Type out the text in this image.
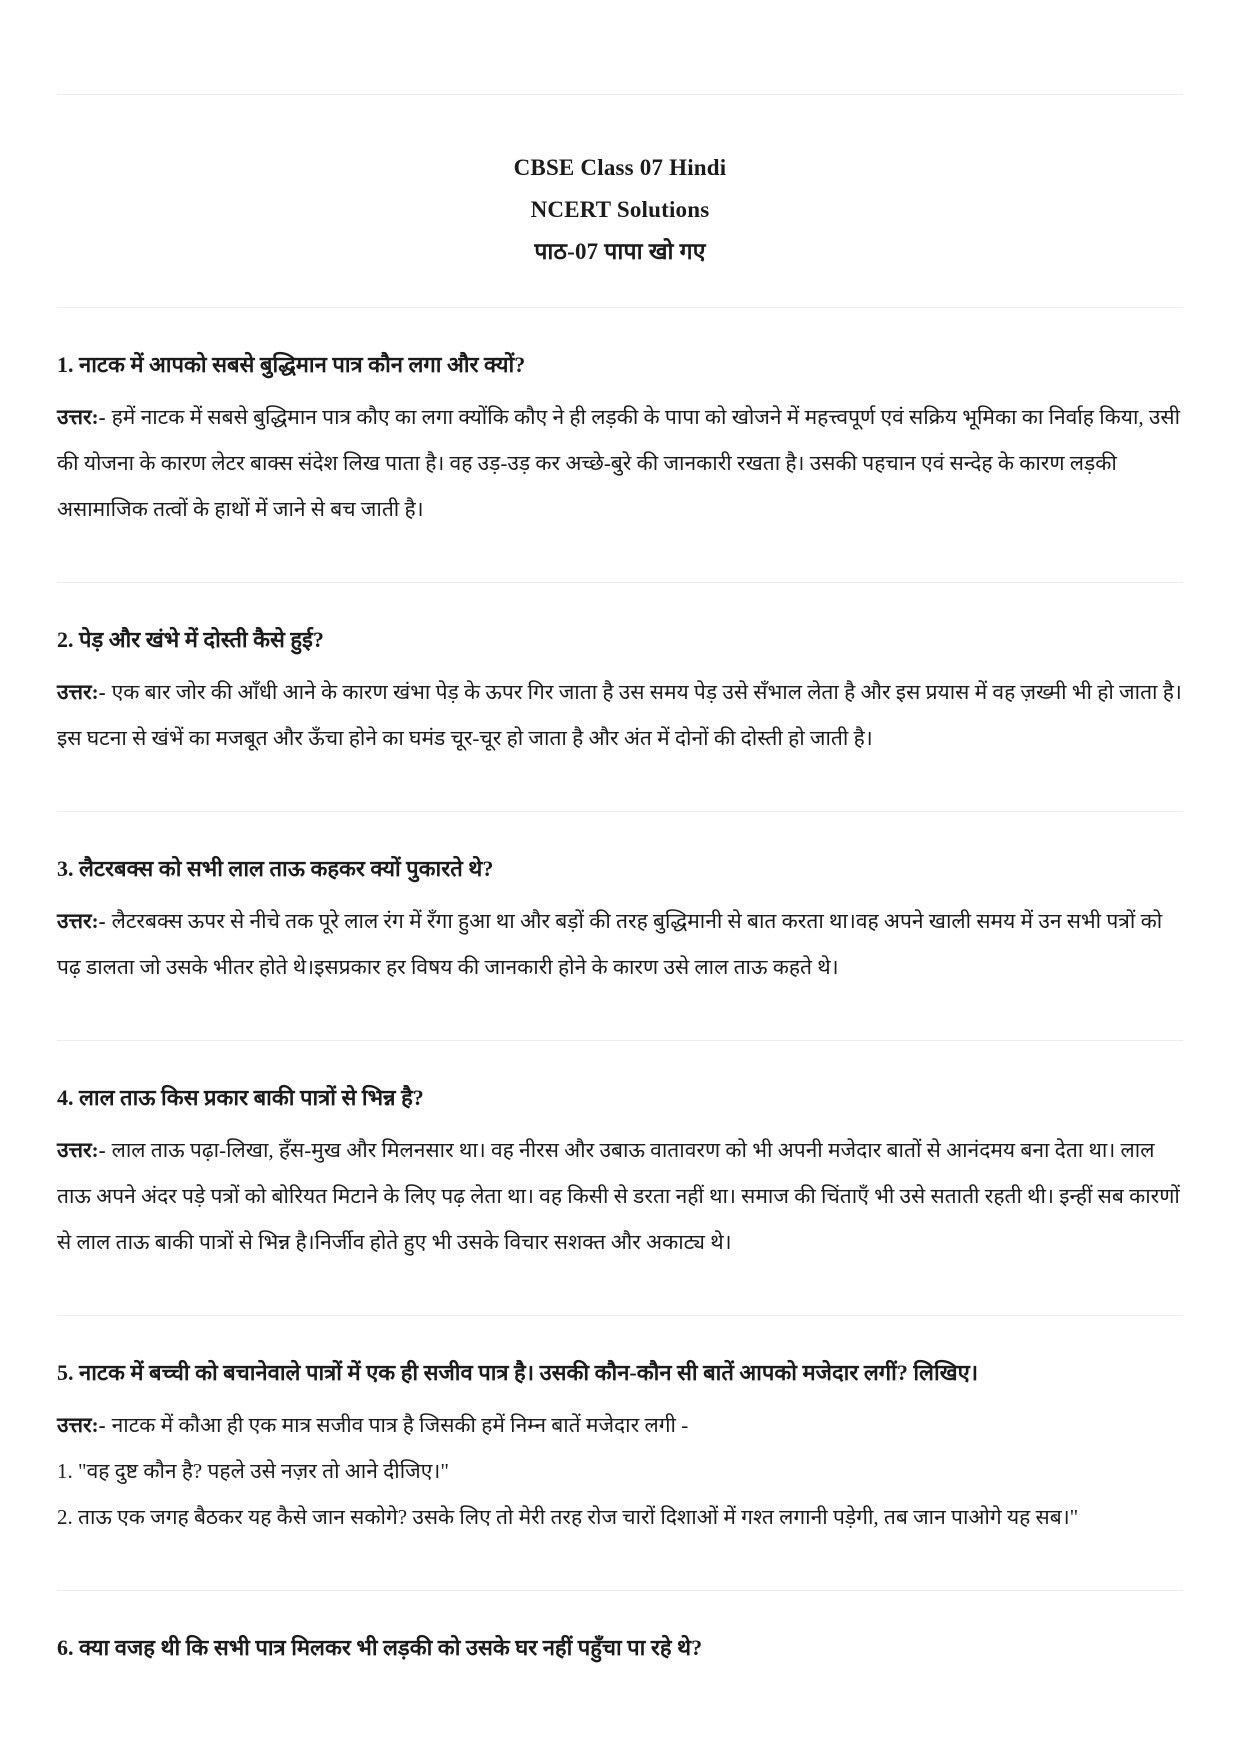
CBSE Class 07 Hindi
NCERT Solutions
पाठ-07 पापा खो गए
1. नाटक में आपको सबसे बुद्धिमान पात्र कौन लगा और क्यों?

उत्तर:- हमें नाटक में सबसे बुद्धिमान पात्र कौए का लगा क्योंकि कौए ने ही लड़की के पापा को खोजने में महत्त्वपूर्ण एवं सक्रिय भूमिका का निर्वाह किया, उसी की योजना के कारण लेटर बाक्स संदेश लिख पाता है। वह उड़-उड़ कर अच्छे-बुरे की जानकारी रखता है। उसकी पहचान एवं सन्देह के कारण लड़की असामाजिक तत्वों के हाथों में जाने से बच जाती है।

2. पेड़ और खंभे में दोस्ती कैसे हुई?

उत्तर:- एक बार जोर की आँधी आने के कारण खंभा पेड़ के ऊपर गिर जाता है उस समय पेड़ उसे सँभाल लेता है और इस प्रयास में वह ज़ख्मी भी हो जाता है। इस घटना से खंभें का मजबूत और ऊँचा होने का घमंड चूर-चूर हो जाता है और अंत में दोनों की दोस्ती हो जाती है।

3. लैटरबक्स को सभी लाल ताऊ कहकर क्यों पुकारते थे?

उत्तर:- लैटरबक्स ऊपर से नीचे तक पूरे लाल रंग में रँगा हुआ था और बड़ों की तरह बुद्धिमानी से बात करता था।वह अपने खाली समय में उन सभी पत्रों को पढ़ डालता जो उसके भीतर होते थे।इसप्रकार हर विषय की जानकारी होने के कारण उसे लाल ताऊ कहते थे।

4. लाल ताऊ किस प्रकार बाकी पात्रों से भिन्न है?

उत्तर:- लाल ताऊ पढ़ा-लिखा, हँस-मुख और मिलनसार था। वह नीरस और उबाऊ वातावरण को भी अपनी मजेदार बातों से आनंदमय बना देता था। लाल ताऊ अपने अंदर पड़े पत्रों को बोरियत मिटाने के लिए पढ़ लेता था। वह किसी से डरता नहीं था। समाज की चिंताएँ भी उसे सताती रहती थी। इन्हीं सब कारणों से लाल ताऊ बाकी पात्रों से भिन्न है।निर्जीव होते हुए भी उसके विचार सशक्त और अकाट्य थे।

5. नाटक में बच्ची को बचानेवाले पात्रों में एक ही सजीव पात्र है। उसकी कौन-कौन सी बातें आपको मजेदार लगीं? लिखिए।

उत्तर:- नाटक में कौआ ही एक मात्र सजीव पात्र है जिसकी हमें निम्न बातें मजेदार लगी -

1. "वह दुष्ट कौन है? पहले उसे नज़र तो आने दीजिए।"

2. ताऊ एक जगह बैठकर यह कैसे जान सकोगे? उसके लिए तो मेरी तरह रोज चारों दिशाओं में गश्त लगानी पड़ेगी, तब जान पाओगे यह सब।"

6. क्या वजह थी कि सभी पात्र मिलकर भी लड़की को उसके घर नहीं पहुँचा पा रहे थे?
